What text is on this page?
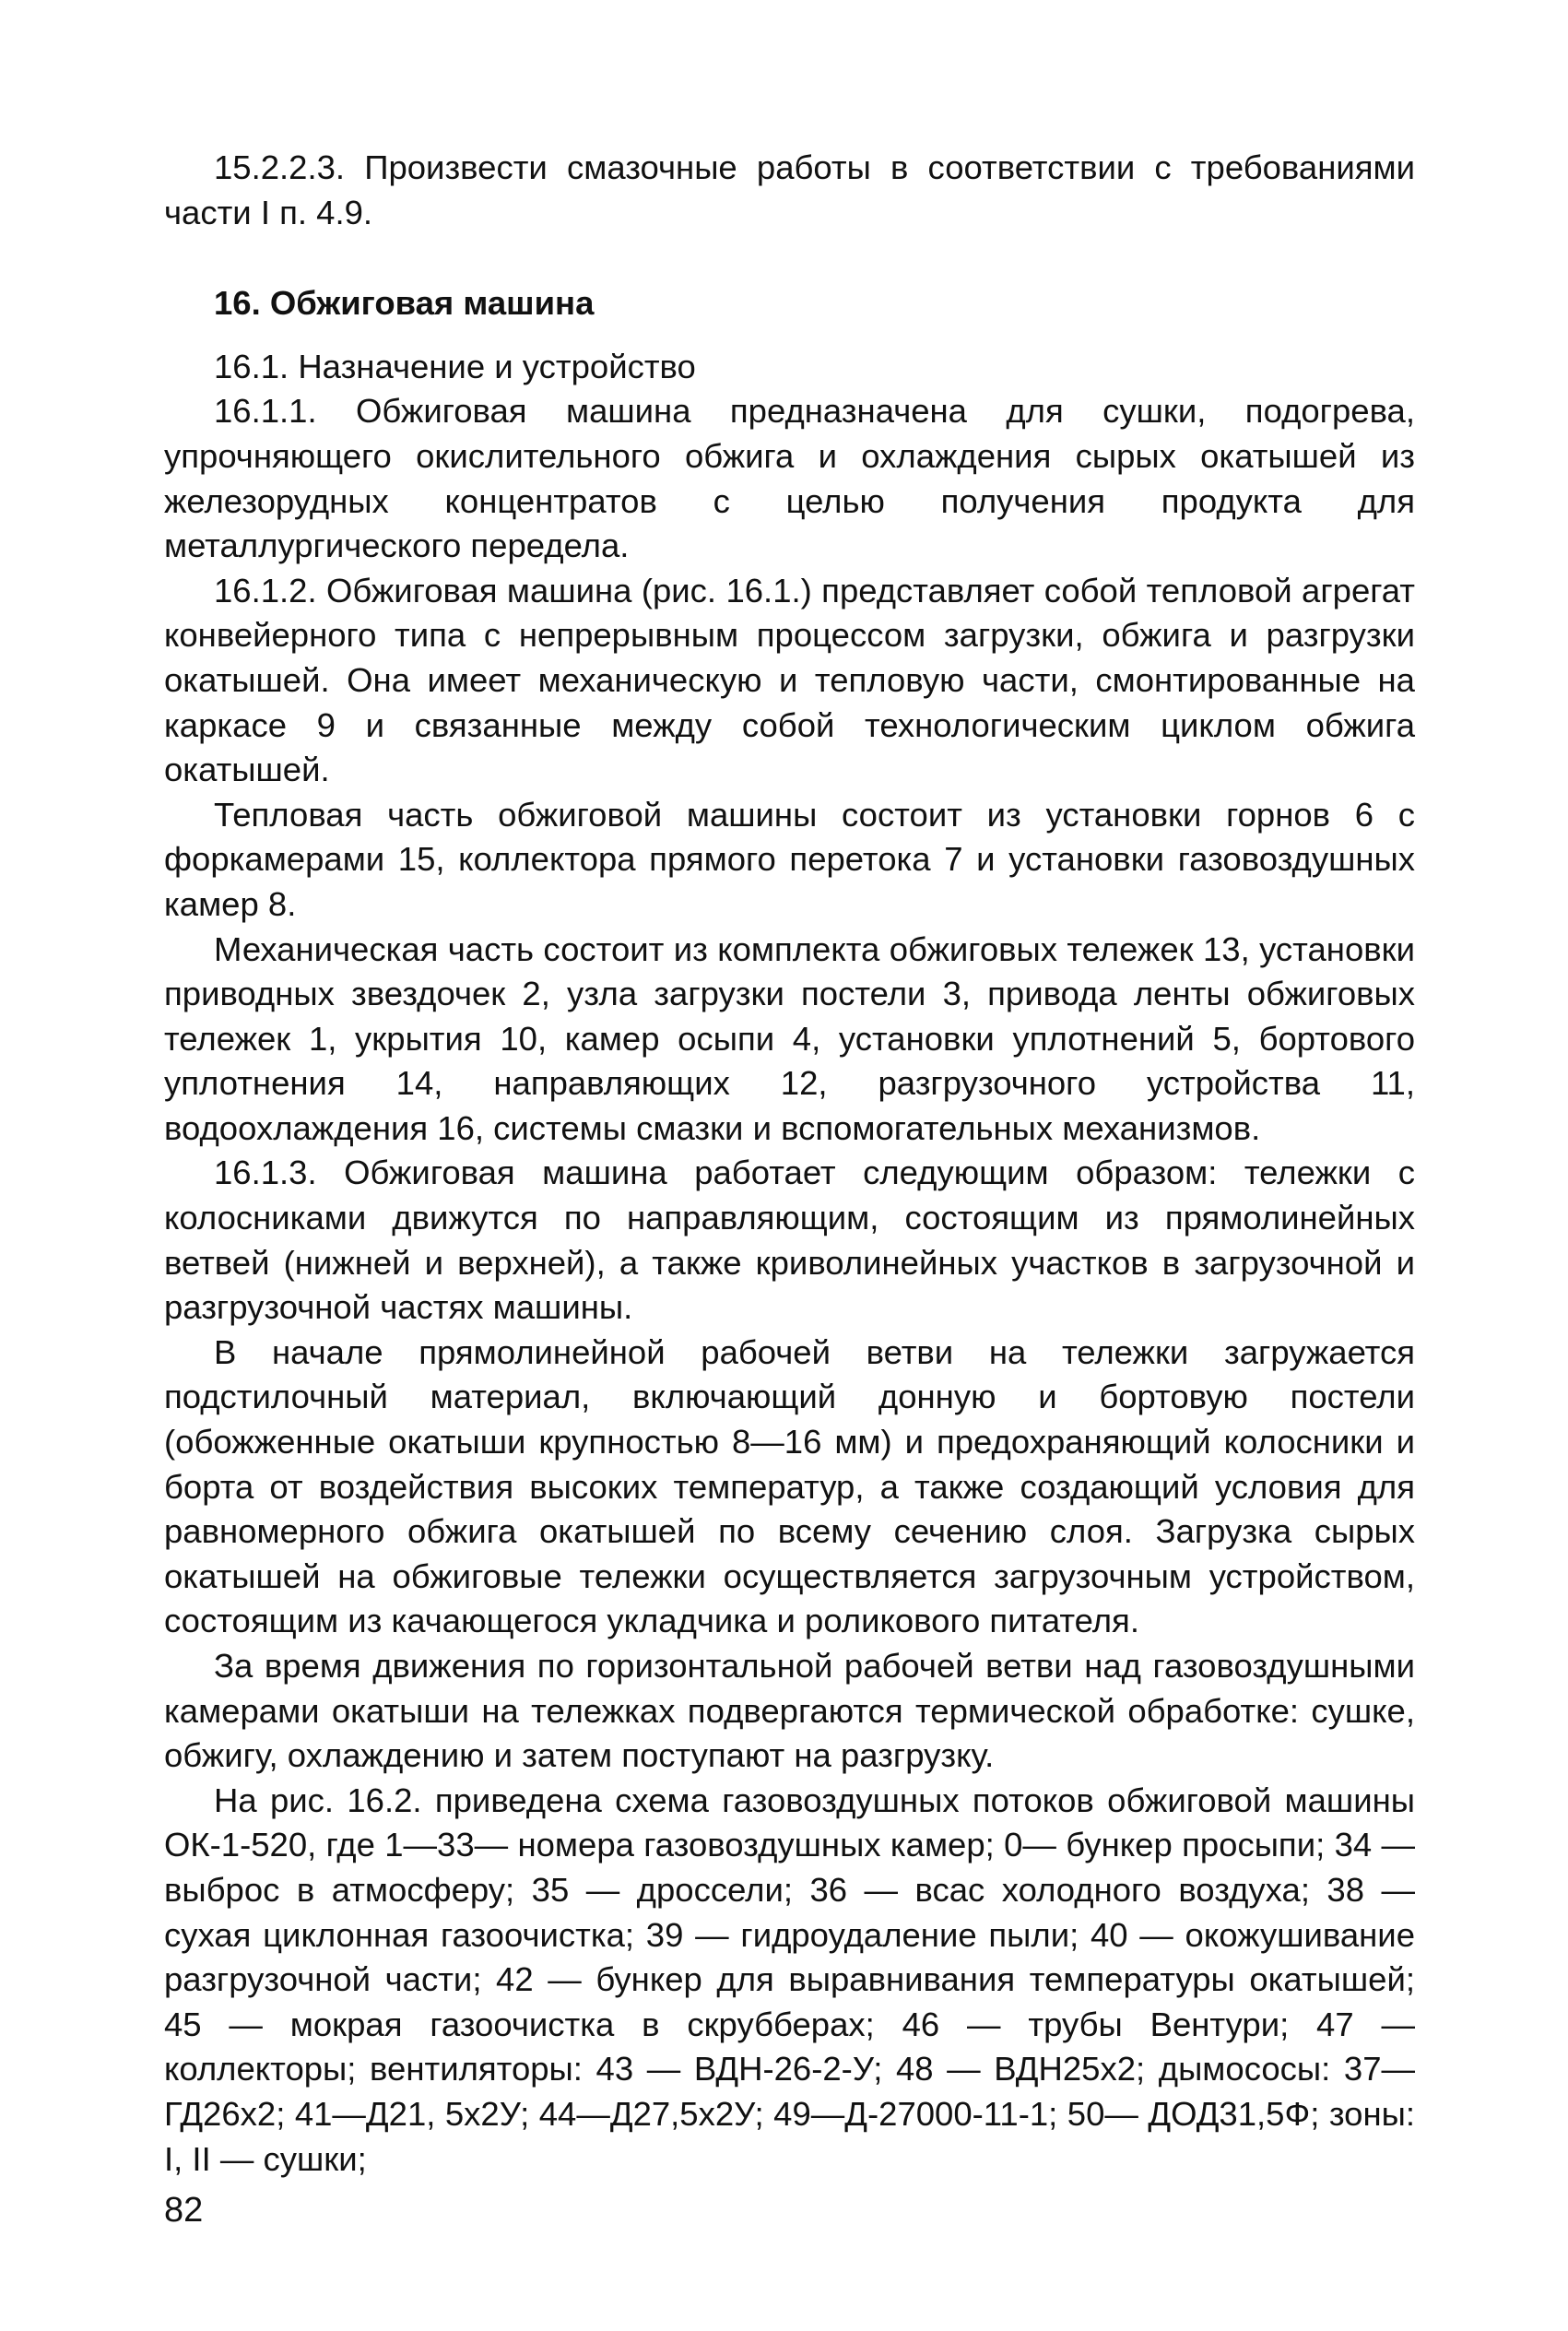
15.2.2.3. Произвести смазочные работы в соответствии с требованиями части I п. 4.9.

16. Обжиговая машина

16.1. Назначение и устройство

16.1.1. Обжиговая машина предназначена для сушки, подогрева, упрочняющего окислительного обжига и охлаждения сырых окатышей из железорудных концентратов с целью получения продукта для металлургического передела.

16.1.2. Обжиговая машина (рис. 16.1.) представляет собой тепловой агрегат конвейерного типа с непрерывным процессом загрузки, обжига и разгрузки окатышей. Она имеет механическую и тепловую части, смонтированные на каркасе 9 и связанные между собой технологическим циклом обжига окатышей.

Тепловая часть обжиговой машины состоит из установки горнов 6 с форкамерами 15, коллектора прямого перетока 7 и установки газовоздушных камер 8.

Механическая часть состоит из комплекта обжиговых тележек 13, установки приводных звездочек 2, узла загрузки постели 3, привода ленты обжиговых тележек 1, укрытия 10, камер осыпи 4, установки уплотнений 5, бортового уплотнения 14, направляющих 12, разгрузочного устройства 11, водоохлаждения 16, системы смазки и вспомогательных механизмов.

16.1.3. Обжиговая машина работает следующим образом: тележки с колосниками движутся по направляющим, состоящим из прямолинейных ветвей (нижней и верхней), а также криволинейных участков в загрузочной и разгрузочной частях машины.

В начале прямолинейной рабочей ветви на тележки загружается подстилочный материал, включающий донную и бортовую постели (обожженные окатыши крупностью 8—16 мм) и предохраняющий колосники и борта от воздействия высоких температур, а также создающий условия для равномерного обжига окатышей по всему сечению слоя. Загрузка сырых окатышей на обжиговые тележки осуществляется загрузочным устройством, состоящим из качающегося укладчика и роликового питателя.

За время движения по горизонтальной рабочей ветви над газовоздушными камерами окатыши на тележках подвергаются термической обработке: сушке, обжигу, охлаждению и затем поступают на разгрузку.

На рис. 16.2. приведена схема газовоздушных потоков обжиговой машины ОК-1-520, где 1—33— номера газовоздушных камер; 0— бункер просыпи; 34 — выброс в атмосферу; 35 — дроссели; 36 — всас холодного воздуха; 38 — сухая циклонная газоочистка; 39 — гидроудаление пыли; 40 — окожушивание разгрузочной части; 42 — бункер для выравнивания температуры окатышей; 45 — мокрая газоочистка в скрубберах; 46 — трубы Вентури; 47 — коллекторы; вентиляторы: 43 — ВДН-26-2-У; 48 — ВДН25х2; дымососы: 37—ГД26х2; 41—Д21, 5х2У; 44—Д27,5х2У; 49—Д-27000-11-1; 50— ДОД31,5Ф; зоны: I, II — сушки;

82
